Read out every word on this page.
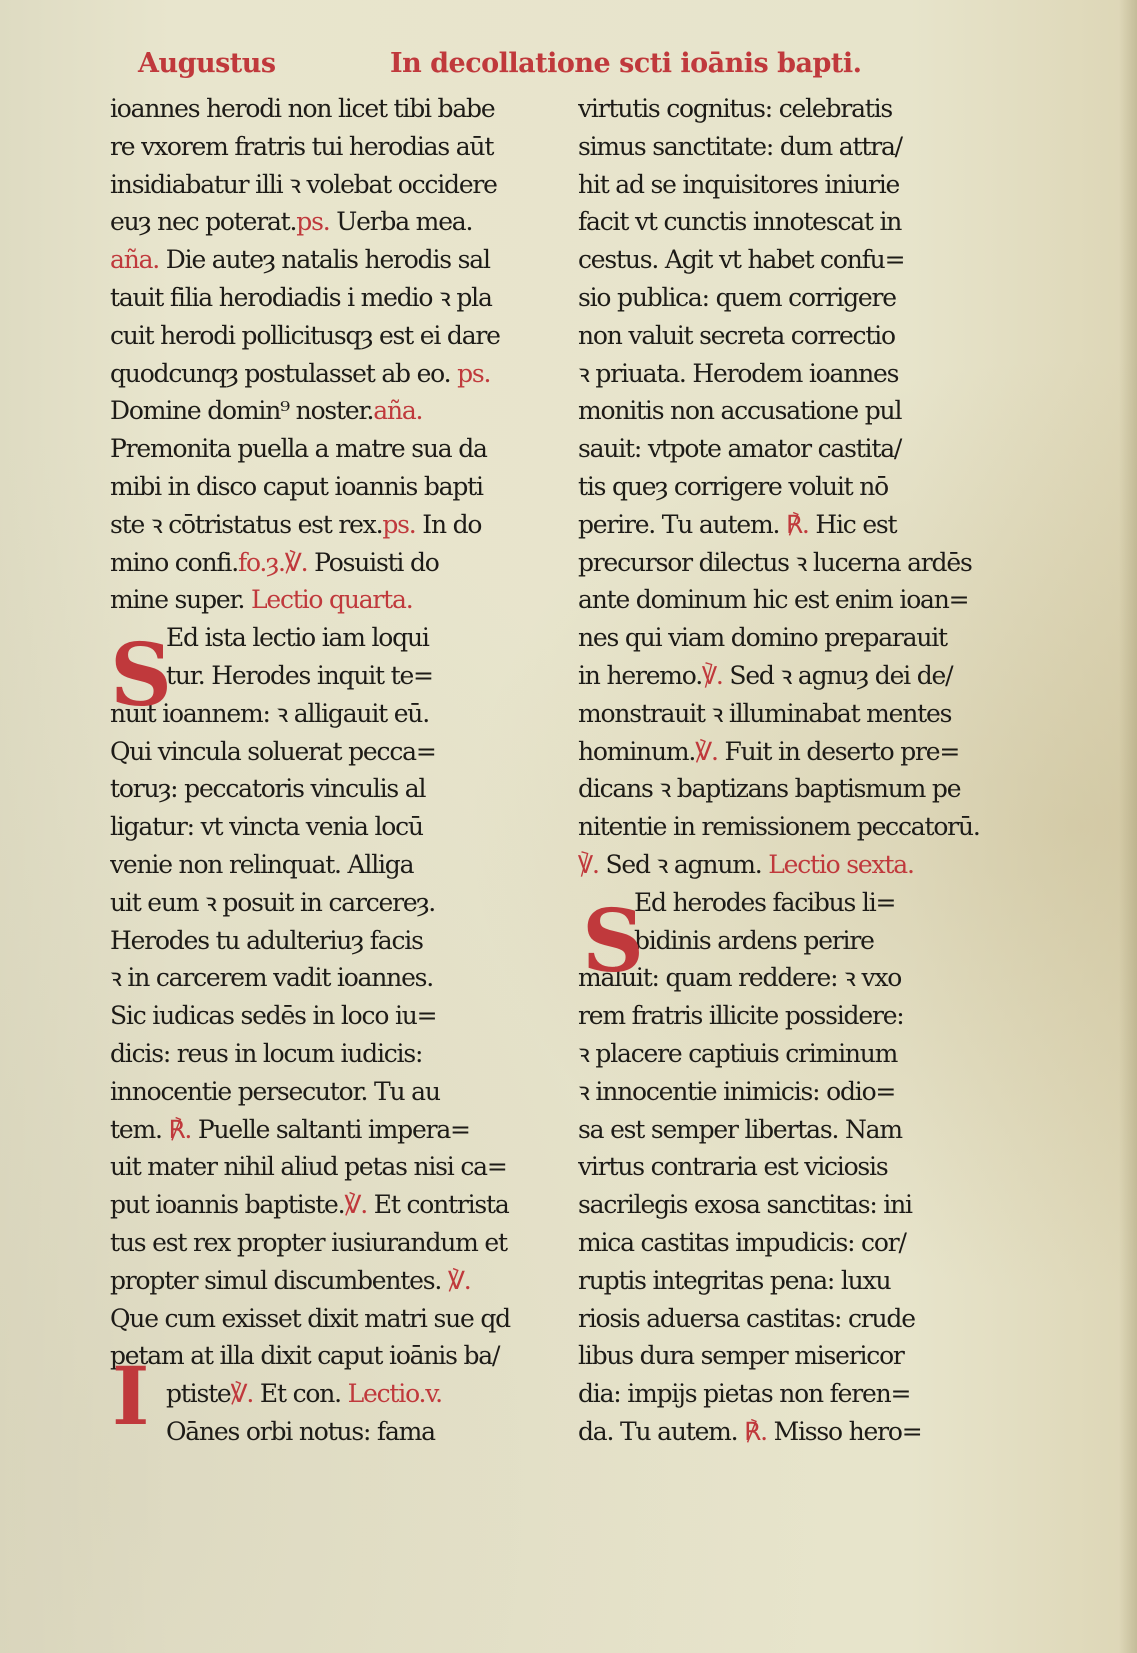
Augustus	In decollatione scti ioānis bapti.
ioannes herodi non licet tibi babe
re vxorem fratris tui herodias aūt
insidiabatur illi ꝛ volebat occidere
euȝ nec poterat.ps. Uerba mea.
aña. Die auteȝ natalis herodis sal
tauit filia herodiadis i medio ꝛ pla
cuit herodi pollicitusqȝ est ei dare
quodcunqȝ postulasset ab eo. ps.
Domine domin⁹ noster.aña.
Premonita puella a matre sua da
mibi in disco caput ioannis bapti
ste ꝛ cōtristatus est rex.ps. In do
mino confi.fo.ȝ.℣. Posuisti do
mine super. Lectio quarta.
Ed ista lectio iam loqui
tur. Herodes inquit te=
nuit ioannem: ꝛ alligauit eū.
Qui vincula soluerat pecca=
toruȝ: peccatoris vinculis al
ligatur: vt vincta venia locū
venie non relinquat. Alliga
uit eum ꝛ posuit in carcereȝ.
Herodes tu adulteriuȝ facis
ꝛ in carcerem vadit ioannes.
Sic iudicas sedēs in loco iu=
dicis: reus in locum iudicis:
innocentie persecutor. Tu au
tem. ℟. Puelle saltanti impera=
uit mater nihil aliud petas nisi ca=
put ioannis baptiste.℣. Et contrista
tus est rex propter iusiurandum et
propter simul discumbentes. ℣.
Que cum exisset dixit matri sue qd
petam at illa dixit caput ioānis ba/
ptiste℣. Et con. Lectio.v.
Oānes orbi notus: fama
virtutis cognitus: celebratis
simus sanctitate: dum attra/
hit ad se inquisitores iniurie
facit vt cunctis innotescat in
cestus. Agit vt habet confu=
sio publica: quem corrigere
non valuit secreta correctio
ꝛ priuata. Herodem ioannes
monitis non accusatione pul
sauit: vtpote amator castita/
tis queȝ corrigere voluit nō
perire. Tu autem. ℟. Hic est
precursor dilectus ꝛ lucerna ardēs
ante dominum hic est enim ioan=
nes qui viam domino preparauit
in heremo.℣. Sed ꝛ agnuȝ dei de/
monstrauit ꝛ illuminabat mentes
hominum.℣. Fuit in deserto pre=
dicans ꝛ baptizans baptismum pe
nitentie in remissionem peccatorū.
℣. Sed ꝛ agnum. Lectio sexta.
Ed herodes facibus li=
bidinis ardens perire
maluit: quam reddere: ꝛ vxo
rem fratris illicite possidere:
ꝛ placere captiuis criminum
ꝛ innocentie inimicis: odio=
sa est semper libertas. Nam
virtus contraria est viciosis
sacrilegis exosa sanctitas: ini
mica castitas impudicis: cor/
ruptis integritas pena: luxu
riosis aduersa castitas: crude
libus dura semper misericor
dia: impijs pietas non feren=
da. Tu autem. ℟. Misso hero=
S
S
I
